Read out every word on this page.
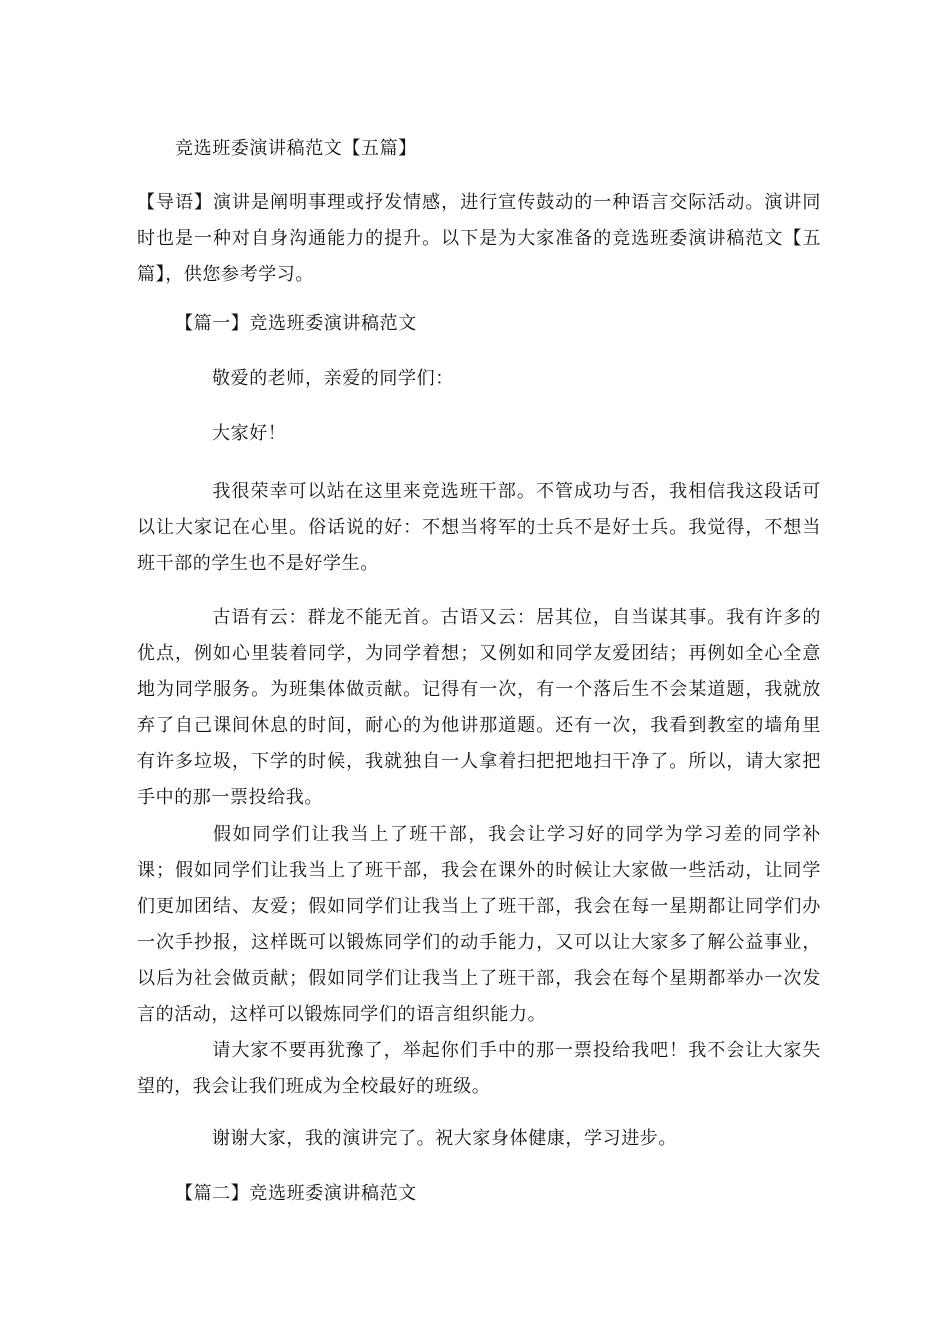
竞选班委演讲稿范文【五篇】
【导语】演讲是阐明事理或抒发情感，进行宣传鼓动的一种语言交际活动。演讲同时也是一种对自身沟通能力的提升。以下是为大家准备的竞选班委演讲稿范文【五篇】，供您参考学习。
【篇一】竞选班委演讲稿范文
敬爱的老师，亲爱的同学们：
大家好！
我很荣幸可以站在这里来竞选班干部。不管成功与否，我相信我这段话可以让大家记在心里。俗话说的好：不想当将军的士兵不是好士兵。我觉得，不想当班干部的学生也不是好学生。
古语有云：群龙不能无首。古语又云：居其位，自当谋其事。我有许多的优点，例如心里装着同学，为同学着想；又例如和同学友爱团结；再例如全心全意地为同学服务。为班集体做贡献。记得有一次，有一个落后生不会某道题，我就放弃了自己课间休息的时间，耐心的为他讲那道题。还有一次，我看到教室的墙角里有许多垃圾，下学的时候，我就独自一人拿着扫把把地扫干净了。所以，请大家把手中的那一票投给我。
假如同学们让我当上了班干部，我会让学习好的同学为学习差的同学补课；假如同学们让我当上了班干部，我会在课外的时候让大家做一些活动，让同学们更加团结、友爱；假如同学们让我当上了班干部，我会在每一星期都让同学们办一次手抄报，这样既可以锻炼同学们的动手能力，又可以让大家多了解公益事业，以后为社会做贡献；假如同学们让我当上了班干部，我会在每个星期都举办一次发言的活动，这样可以锻炼同学们的语言组织能力。
请大家不要再犹豫了，举起你们手中的那一票投给我吧！我不会让大家失望的，我会让我们班成为全校最好的班级。
谢谢大家，我的演讲完了。祝大家身体健康，学习进步。
【篇二】竞选班委演讲稿范文
